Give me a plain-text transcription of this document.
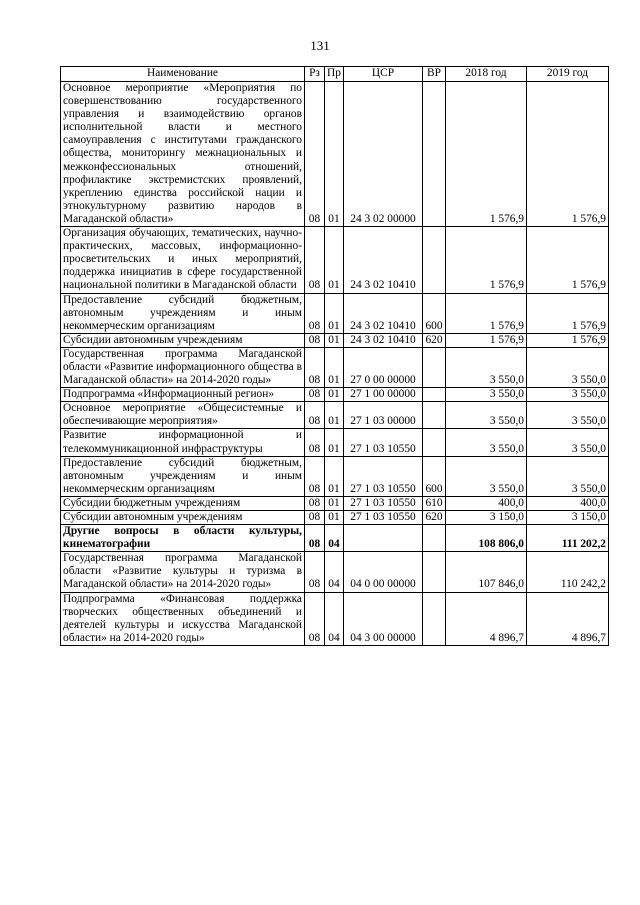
131
Наименование	Рз	Пр	ЦСР	ВР	2018 год	2019 год
Основное мероприятие «Мероприятия по совершенствованию государственного управления и взаимодействию органов исполнительной власти и местного самоуправления с институтами гражданского общества, мониторингу межнациональных и межконфессиональных отношений, профилактике экстремистских проявлений, укреплению единства российской нации и этнокультурному развитию народов в Магаданской области»	08	01	24 3 02 00000		1 576,9	1 576,9
Организация обучающих, тематических, научно-практических, массовых, информационно-просветительских и иных мероприятий, поддержка инициатив в сфере государственной национальной политики в Магаданской области	08	01	24 3 02 10410		1 576,9	1 576,9
Предоставление субсидий бюджетным, автономным учреждениям и иным некоммерческим организациям	08	01	24 3 02 10410	600	1 576,9	1 576,9
Субсидии автономным учреждениям	08	01	24 3 02 10410	620	1 576,9	1 576,9
Государственная программа Магаданской области «Развитие информационного общества в Магаданской области» на 2014-2020 годы»	08	01	27 0 00 00000		3 550,0	3 550,0
Подпрограмма «Информационный регион»	08	01	27 1 00 00000		3 550,0	3 550,0
Основное мероприятие «Общесистемные и обеспечивающие мероприятия»	08	01	27 1 03 00000		3 550,0	3 550,0
Развитие информационной и телекоммуникационной инфраструктуры	08	01	27 1 03 10550		3 550,0	3 550,0
Предоставление субсидий бюджетным, автономным учреждениям и иным некоммерческим организациям	08	01	27 1 03 10550	600	3 550,0	3 550,0
Субсидии бюджетным учреждениям	08	01	27 1 03 10550	610	400,0	400,0
Субсидии автономным учреждениям	08	01	27 1 03 10550	620	3 150,0	3 150,0
Другие вопросы в области культуры, кинематографии	08	04			108 806,0	111 202,2
Государственная программа Магаданской области «Развитие культуры и туризма в Магаданской области» на 2014-2020 годы»	08	04	04 0 00 00000		107 846,0	110 242,2
Подпрограмма «Финансовая поддержка творческих общественных объединений и деятелей культуры и искусства Магаданской области» на 2014-2020 годы»	08	04	04 3 00 00000		4 896,7	4 896,7
